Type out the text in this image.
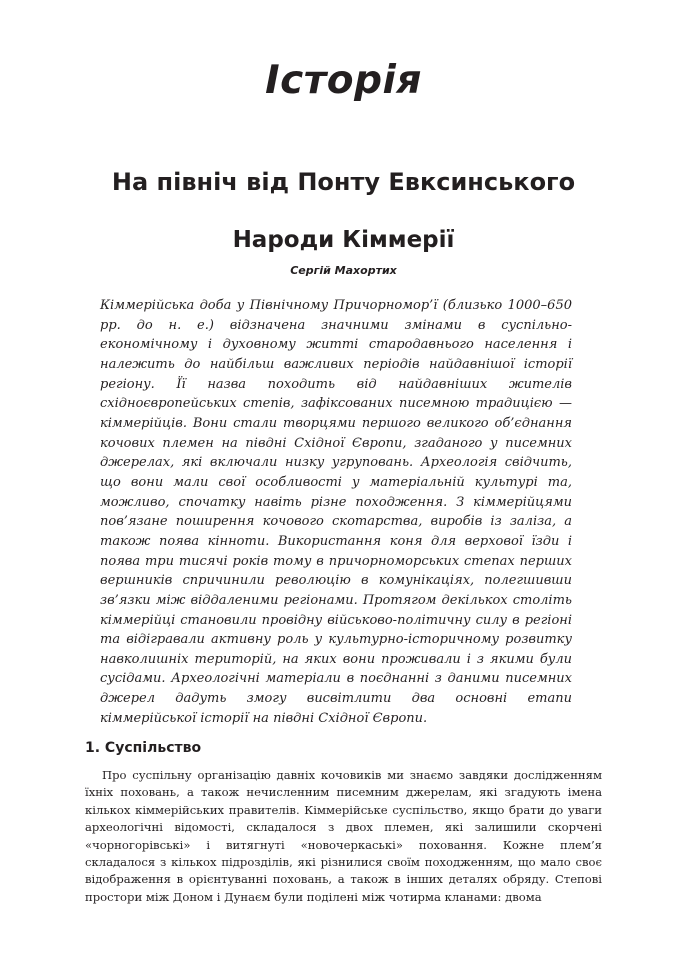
Історія
На північ від Понту Евксинського
Народи Кіммерії

Сергій Махортих

Кіммерійська доба у Північному Причорномор’ї (близько 1000–650 рр. до н. е.) відзначена значними змінами в суспільно-економічному і духовному житті стародавнього населення і належить до найбільш важливих періодів найдавнішої історії регіону. Її назва походить від найдавніших жителів східноєвропейських степів, зафіксованих писемною традицією — кіммерійців. Вони стали творцями першого великого об’єднання кочових племен на півдні Східної Європи, згаданого у писемних джерелах, які включали низку угруповань. Археологія свідчить, що вони мали свої особливості у матеріальній культурі та, можливо, спочатку навіть різне походження. З кіммерійцями пов’язане поширення кочового скотарства, виробів із заліза, а також поява кінноти. Використання коня для верхової їзди і поява три тисячі років тому в причорноморських степах перших вершників спричинили революцію в комунікаціях, полегшивши зв’язки між віддаленими регіонами. Протягом декількох століть кіммерійці становили провідну військово-політичну силу в регіоні та відігравали активну роль у культурно-історичному розвитку навколишніх територій, на яких вони проживали і з якими були сусідами. Археологічні матеріали в поєднанні з даними писемних джерел дадуть змогу висвітлити два основні етапи кіммерійської історії на півдні Східної Європи.

1. Суспільство

Про суспільну організацію давніх кочовиків ми знаємо завдяки дослідженням їхніх поховань, а також нечисленним писемним джерелам, які згадують імена кількох кіммерійських правителів. Кіммерійське суспільство, якщо брати до уваги археологічні відомості, складалося з двох племен, які залишили скорчені «чорногорівські» і витягнуті «новочеркаські» поховання. Кожне плем’я складалося з кількох підрозділів, які різнилися своїм походженням, що мало своє відображення в орієнтуванні поховань, а також в інших деталях обряду. Степові простори між Доном і Дунаєм були поділені між чотирма кланами: двома
